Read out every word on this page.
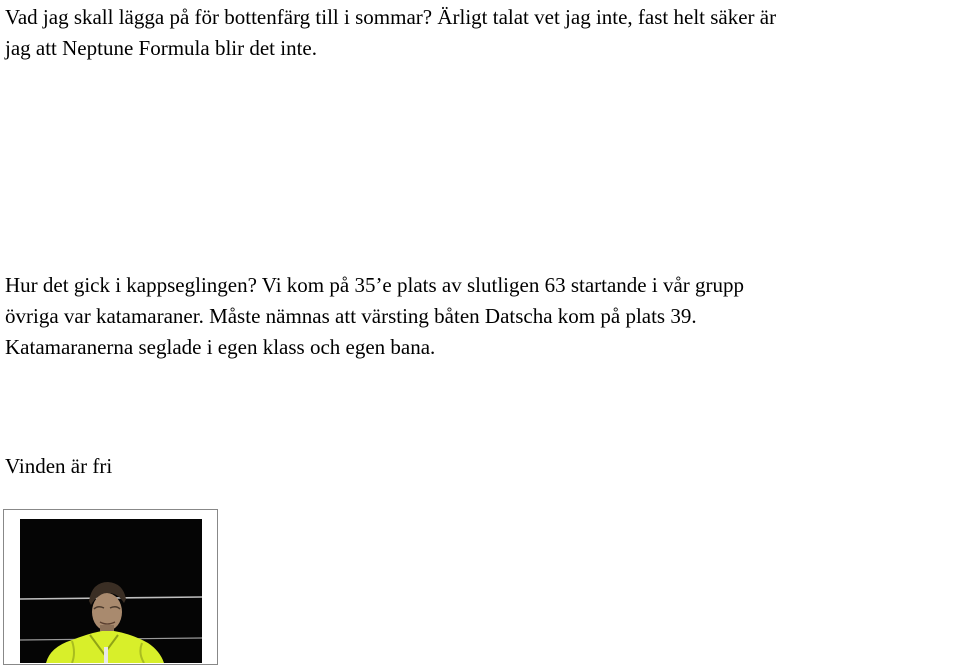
Vad jag skall lägga på för bottenfärg till i sommar? Ärligt talat vet jag inte, fast helt säker är
jag att Neptune Formula blir det inte.
Hur det gick i kappseglingen? Vi kom på 35’e plats av slutligen 63 startande i vår grupp
övriga var katamaraner. Måste nämnas att värsting båten Datscha kom på plats 39.
Katamaranerna seglade i egen klass och egen bana.
Vinden är fri
